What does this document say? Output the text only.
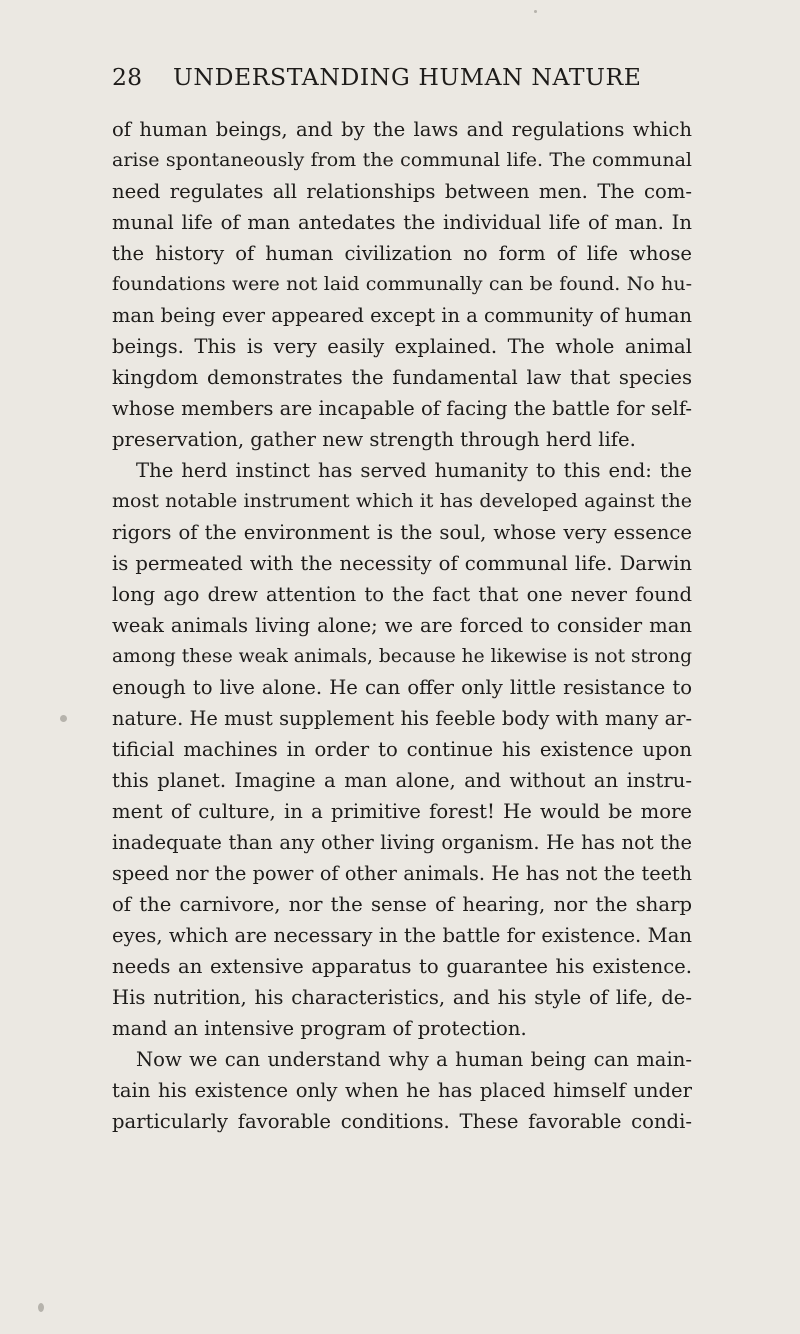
28	UNDERSTANDING HUMAN NATURE
of human beings, and by the laws and regulations which
arise spontaneously from the communal life. The communal
need regulates all relationships between men. The com-
munal life of man antedates the individual life of man. In
the history of human civilization no form of life whose
foundations were not laid communally can be found. No hu-
man being ever appeared except in a community of human
beings. This is very easily explained. The whole animal
kingdom demonstrates the fundamental law that species
whose members are incapable of facing the battle for self-
preservation, gather new strength through herd life.
The herd instinct has served humanity to this end: the
most notable instrument which it has developed against the
rigors of the environment is the soul, whose very essence
is permeated with the necessity of communal life. Darwin
long ago drew attention to the fact that one never found
weak animals living alone; we are forced to consider man
among these weak animals, because he likewise is not strong
enough to live alone. He can offer only little resistance to
nature. He must supplement his feeble body with many ar-
tificial machines in order to continue his existence upon
this planet. Imagine a man alone, and without an instru-
ment of culture, in a primitive forest! He would be more
inadequate than any other living organism. He has not the
speed nor the power of other animals. He has not the teeth
of the carnivore, nor the sense of hearing, nor the sharp
eyes, which are necessary in the battle for existence. Man
needs an extensive apparatus to guarantee his existence.
His nutrition, his characteristics, and his style of life, de-
mand an intensive program of protection.
Now we can understand why a human being can main-
tain his existence only when he has placed himself under
particularly favorable conditions. These favorable condi-
